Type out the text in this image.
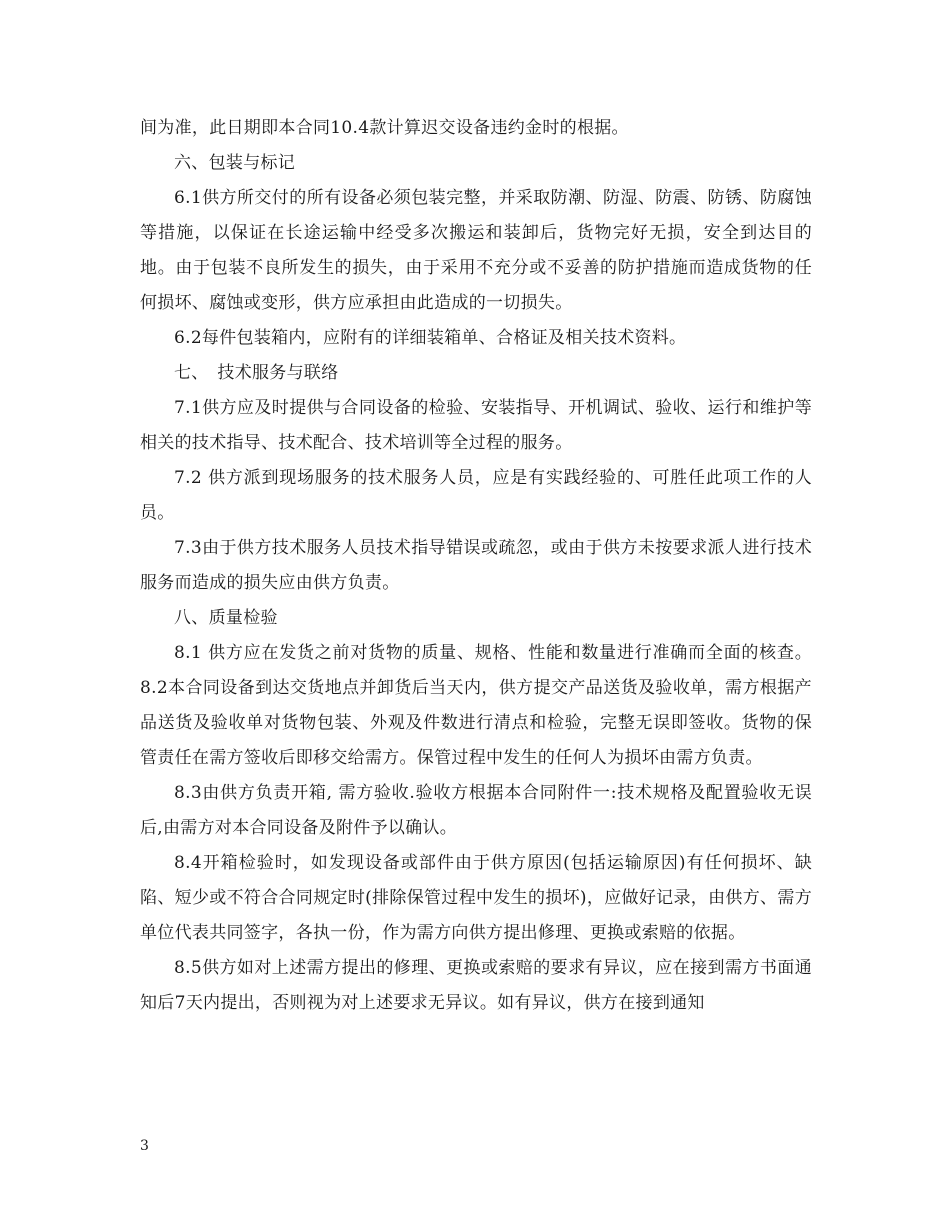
间为准，此日期即本合同10.4款计算迟交设备违约金时的根据。

六、包装与标记

6.1供方所交付的所有设备必须包装完整，并采取防潮、防湿、防震、防锈、防腐蚀等措施，以保证在长途运输中经受多次搬运和装卸后，货物完好无损，安全到达目的地。由于包装不良所发生的损失，由于采用不充分或不妥善的防护措施而造成货物的任何损坏、腐蚀或变形，供方应承担由此造成的一切损失。

6.2每件包装箱内，应附有的详细装箱单、合格证及相关技术资料。

七、　技术服务与联络

7.1供方应及时提供与合同设备的检验、安装指导、开机调试、验收、运行和维护等相关的技术指导、技术配合、技术培训等全过程的服务。

7.2 供方派到现场服务的技术服务人员，应是有实践经验的、可胜任此项工作的人员。

7.3由于供方技术服务人员技术指导错误或疏忽，或由于供方未按要求派人进行技术服务而造成的损失应由供方负责。

八、质量检验

8.1 供方应在发货之前对货物的质量、规格、性能和数量进行准确而全面的核查。8.2本合同设备到达交货地点并卸货后当天内，供方提交产品送货及验收单，需方根据产品送货及验收单对货物包装、外观及件数进行清点和检验，完整无误即签收。货物的保管责任在需方签收后即移交给需方。保管过程中发生的任何人为损坏由需方负责。

8.3由供方负责开箱, 需方验收.验收方根据本合同附件一:技术规格及配置验收无误后,由需方对本合同设备及附件予以确认。

8.4开箱检验时，如发现设备或部件由于供方原因(包括运输原因)有任何损坏、缺陷、短少或不符合合同规定时(排除保管过程中发生的损坏)，应做好记录，由供方、需方单位代表共同签字，各执一份，作为需方向供方提出修理、更换或索赔的依据。

8.5供方如对上述需方提出的修理、更换或索赔的要求有异议，应在接到需方书面通知后7天内提出，否则视为对上述要求无异议。如有异议，供方在接到通知

3
